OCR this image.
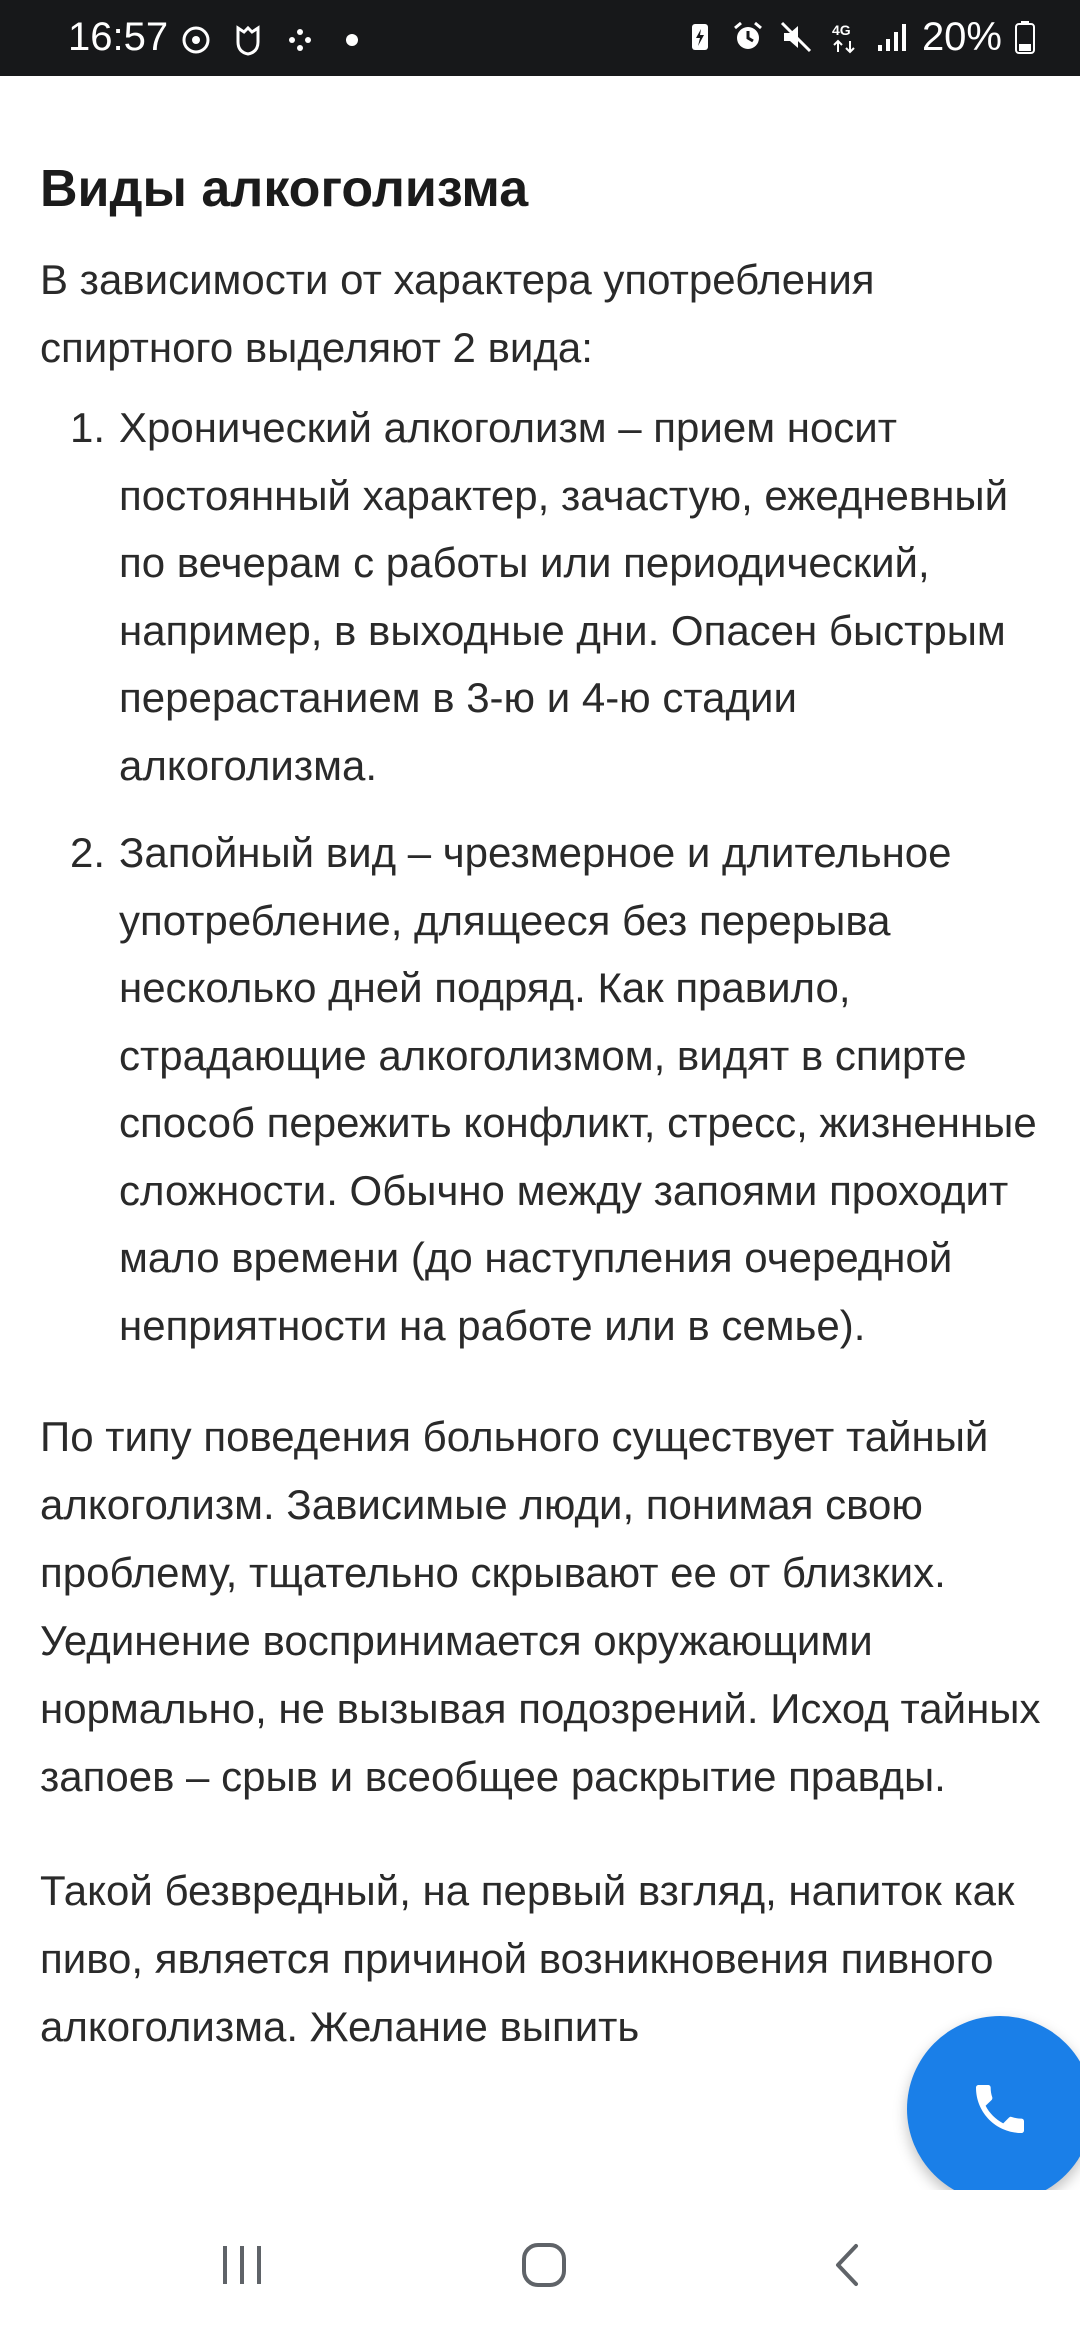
16:57	4G 20%
Виды алкоголизма

В зависимости от характера употребления спиртного выделяют 2 вида:

1. Хронический алкоголизм – прием носит постоянный характер, зачастую, ежедневный по вечерам с работы или периодический, например, в выходные дни. Опасен быстрым перерастанием в 3-ю и 4-ю стадии алкоголизма.
2. Запойный вид – чрезмерное и длительное употребление, длящееся без перерыва несколько дней подряд. Как правило, страдающие алкоголизмом, видят в спирте способ пережить конфликт, стресс, жизненные сложности. Обычно между запоями проходит мало времени (до наступления очередной неприятности на работе или в семье).

По типу поведения больного существует тайный алкоголизм. Зависимые люди, понимая свою проблему, тщательно скрывают ее от близких. Уединение воспринимается окружающими нормально, не вызывая подозрений. Исход тайных запоев – срыв и всеобщее раскрытие правды.

Такой безвредный, на первый взгляд, напиток как пиво, является причиной возникновения пивного алкоголизма. Желание выпить
